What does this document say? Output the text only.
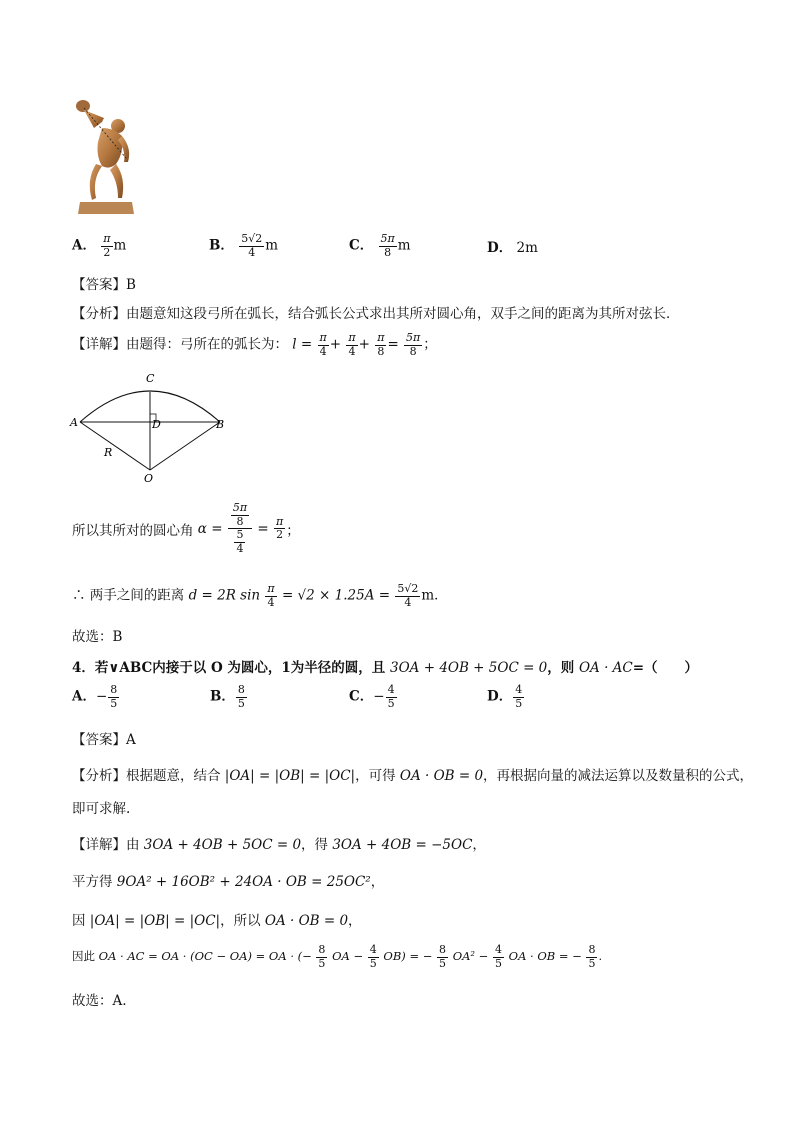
A． $\frac{\pi}{2}$ m	B． $\frac{5√2}{4}$ m	C． $\frac{5\pi}{8}$ m	D． 2m
【答案】B
【分析】由题意知这段弓所在弧长，结合弧长公式求出其所对圆心角，双手之间的距离为其所对弦长．
【详解】由题得：弓所在的弧长为： $l = \frac{\pi}{4} + \frac{\pi}{4} + \frac{\pi}{8} = \frac{5\pi}{8}$ ；
C
A	B
D
O
R
所以其所对的圆心角 $\alpha = \frac{\frac{5\pi}{8}}{\frac{5}{4}} = \frac{\pi}{2}$ ；
∴ 两手之间的距离 d = 2R $\sin \frac{\pi}{4} = √2 \times 1.25A = \frac{5√2}{4}$ m．
故选：B
4．若∨ABC内接于以 O 为圆心，1为半径的圆，且 3OA + 4OB + 5OC = 0，则 OA · AC=（　　）
A．− $\frac{8}{5}$	B． $\frac{8}{5}$	C．− $\frac{4}{5}$	D． $\frac{4}{5}$
【答案】A
【分析】根据题意，结合 |OA| = |OB| = |OC|，可得 OA · OB = 0，再根据向量的减法运算以及数量积的公式，
即可求解.
【详解】由 3OA + 4OB + 5OC = 0，得 3OA + 4OB = −5OC，
平方得 9OA² + 16OB² + 24OA · OB = 25OC²，
因 |OA| = |OB| = |OC|，所以 OA · OB = 0，
因此 OA · AC = OA · (OC − OA) = OA · (− $\frac{8}{5}$ OA − $\frac{4}{5} OB$) = − $\frac{8}{5} OA^2 - \frac{4}{5}$ OA · OB = − $\frac{8}{5}$ .
故选：A.
